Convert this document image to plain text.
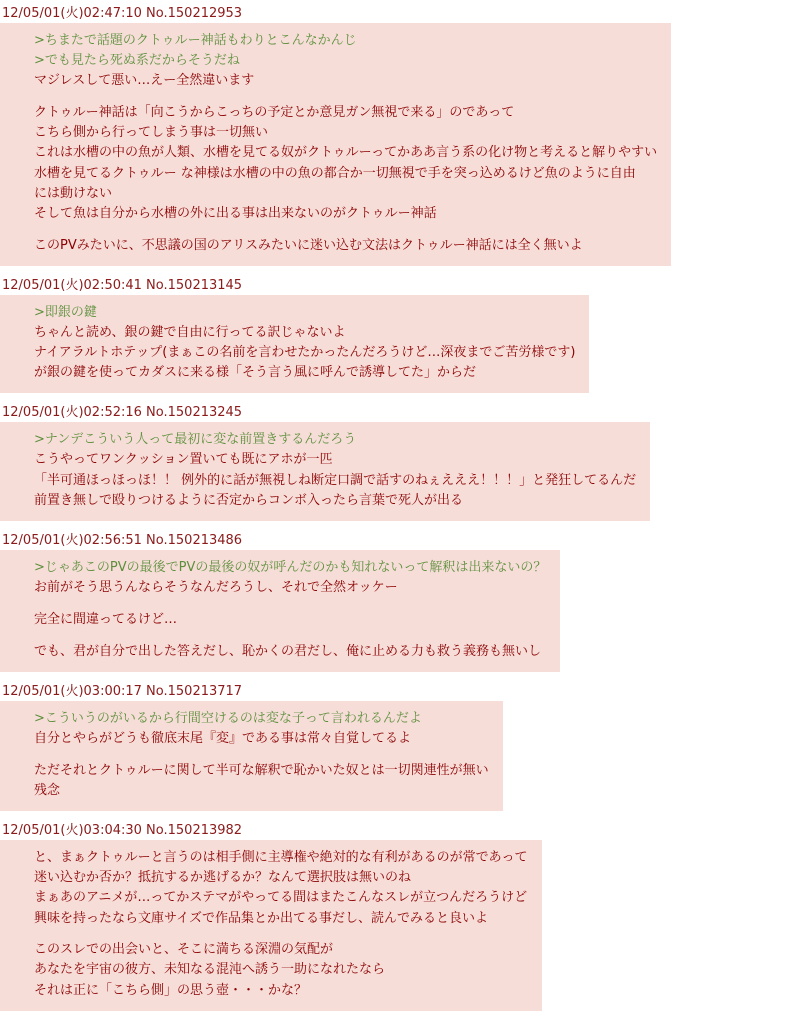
12/05/01(火)02:47:10 No.150212953
>ちまたで話題のクトゥルー神話もわりとこんなかんじ
>でも見たら死ぬ系だからそうだね
マジレスして悪い…えー全然違います

クトゥルー神話は「向こうからこっちの予定とか意見ガン無視で来る」のであって
こちら側から行ってしまう事は一切無い
これは水槽の中の魚が人類、水槽を見てる奴がクトゥルーってかああ言う系の化け物と考えると解りやすい
水槽を見てるクトゥルー な神様は水槽の中の魚の都合か一切無視で手を突っ込めるけど魚のように自由
には動けない
そして魚は自分から水槽の外に出る事は出来ないのがクトゥルー神話

このPVみたいに、不思議の国のアリスみたいに迷い込む文法はクトゥルー神話には全く無いよ
12/05/01(火)02:50:41 No.150213145
>即銀の鍵
ちゃんと読め、銀の鍵で自由に行ってる訳じゃないよ
ナイアラルトホテップ(まぁこの名前を言わせたかったんだろうけど…深夜までご苦労様です)
が銀の鍵を使ってカダスに来る様「そう言う風に呼んで誘導してた」からだ
12/05/01(火)02:52:16 No.150213245
>ナンデこういう人って最初に変な前置きするんだろう
こうやってワンクッション置いても既にアホが一匹
「半可通ほっほっほ！！ 例外的に話が無視しね断定口調で話すのねぇえええ！！！」と発狂してるんだ
前置き無しで殴りつけるように否定からコンボ入ったら言葉で死人が出る
12/05/01(火)02:56:51 No.150213486
>じゃあこのPVの最後でPVの最後の奴が呼んだのかも知れないって解釈は出来ないの？
お前がそう思うんならそうなんだろうし、それで全然オッケー

完全に間違ってるけど…

でも、君が自分で出した答えだし、恥かくの君だし、俺に止める力も救う義務も無いし
12/05/01(火)03:00:17 No.150213717
>こういうのがいるから行間空けるのは変な子って言われるんだよ
自分とやらがどうも徹底末尾『変』である事は常々自覚してるよ

ただそれとクトゥルーに関して半可な解釈で恥かいた奴とは一切関連性が無い
残念
12/05/01(火)03:04:30 No.150213982
と、まぁクトゥルーと言うのは相手側に主導権や絶対的な有利があるのが常であって
迷い込むか否か？抵抗するか逃げるか？なんて選択肢は無いのね
まぁあのアニメが…ってかステマがやってる間はまたこんなスレが立つんだろうけど
興味を持ったなら文庫サイズで作品集とか出てる事だし、読んでみると良いよ

このスレでの出会いと、そこに満ちる深淵の気配が
あなたを宇宙の彼方、未知なる混沌へ誘う一助になれたなら
それは正に「こちら側」の思う壺・・・かな？
